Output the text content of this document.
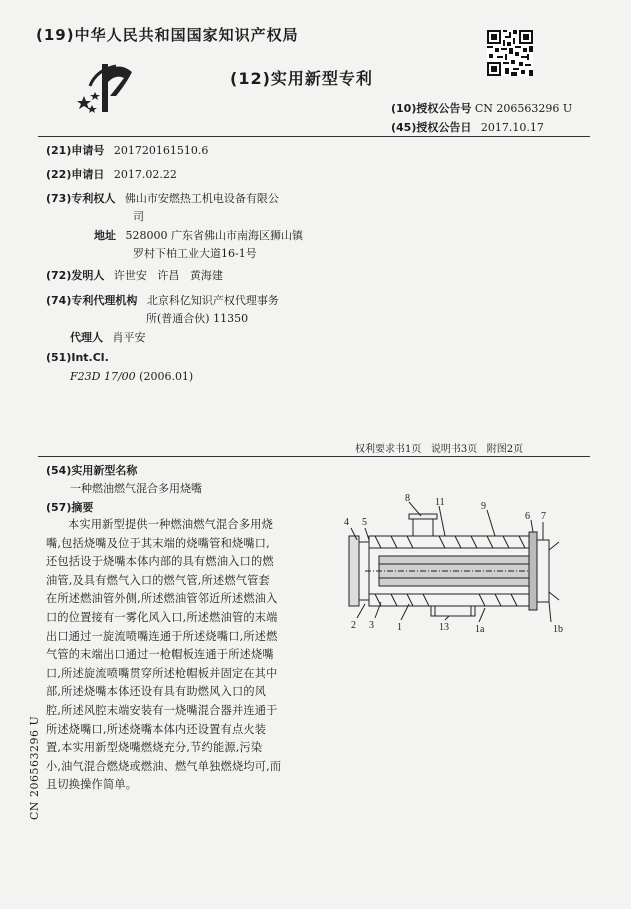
(19)中华人民共和国国家知识产权局
(12)实用新型专利
(10)授权公告号 CN 206563296 U
(45)授权公告日 2017.10.17
(21)申请号 201720161510.6
(22)申请日 2017.02.22
(73)专利权人 佛山市安燃热工机电设备有限公
司
地址 528000 广东省佛山市南海区狮山镇
罗村下柏工业大道16-1号
(72)发明人 许世安   许昌   黄海建
(74)专利代理机构 北京科亿知识产权代理事务
所(普通合伙) 11350
代理人 肖平安
(51)Int.Cl.
F23D 17/00 (2006.01)
权利要求书1页   说明书3页   附图2页
(54)实用新型名称
一种燃油燃气混合多用烧嘴
(57)摘要
本实用新型提供一种燃油燃气混合多用烧
嘴,包括烧嘴及位于其末端的烧嘴管和烧嘴口,
还包括设于烧嘴本体内部的具有燃油入口的燃
油管,及具有燃气入口的燃气管,所述燃气管套
在所述燃油管外侧,所述燃油管邻近所述燃油入
口的位置接有一雾化风入口,所述燃油管的末端
出口通过一旋流喷嘴连通于所述烧嘴口,所述燃
气管的末端出口通过一枪帽板连通于所述烧嘴
口,所述旋流喷嘴贯穿所述枪帽板并固定在其中
部,所述烧嘴本体还设有具有助燃风入口的风
腔,所述风腔末端安装有一烧嘴混合器并连通于
所述烧嘴口,所述烧嘴本体内还设置有点火装
置,本实用新型烧嘴燃烧充分,节约能源,污染
小,油气混合燃烧或燃油、燃气单独燃烧均可,而
且切换操作简单。
CN 206563296 U
8	11	9
4 5
6 7
2 3 1	13	1a	1b
